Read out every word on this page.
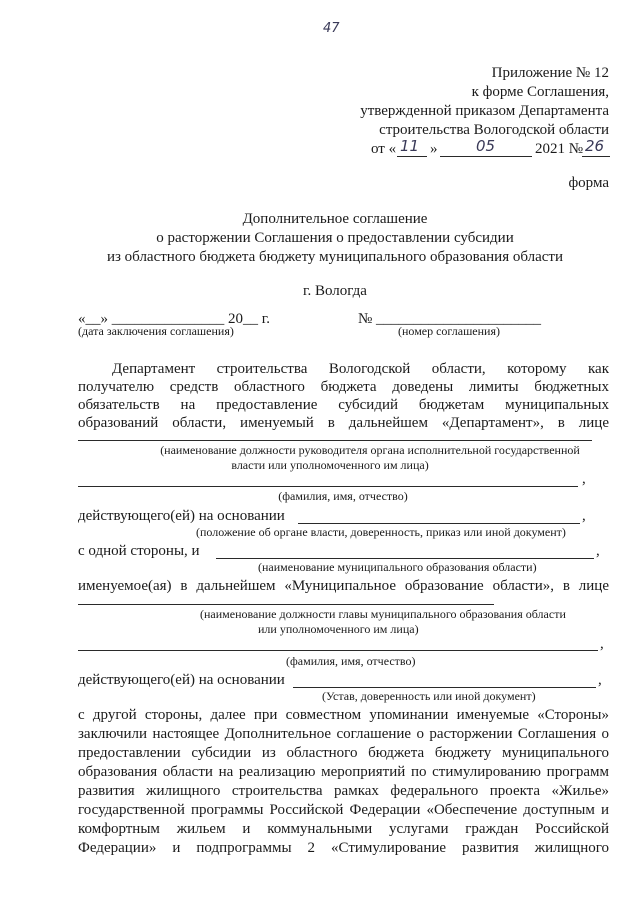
47
Приложение № 12
к форме Соглашения,
утвержденной приказом Департамента
строительства Вологодской области
от « 11 »	05	2021 № 26
форма
Дополнительное соглашение
о расторжении Соглашения о предоставлении субсидии
из областного бюджета бюджету муниципального образования области
г. Вологда
«__» _______________ 20__ г.	№ ______________________
(дата заключения соглашения)	(номер соглашения)
Департамент строительства Вологодской области, которому как
получателю средств областного бюджета доведены лимиты бюджетных
обязательств на предоставление субсидий бюджетам муниципальных
образований области, именуемый в дальнейшем «Департамент», в лице
(наименование должности руководителя органа исполнительной государственной
власти или уполномоченного им лица)
,
(фамилия, имя, отчество)
действующего(ей) на основании	,
(положение об органе власти, доверенность, приказ или иной документ)
с одной стороны, и	,
(наименование муниципального образования области)
именуемое(ая) в дальнейшем «Муниципальное образование области», в лице
(наименование должности главы муниципального образования области
или уполномоченного им лица)
,
(фамилия, имя, отчество)
действующего(ей) на основании	,
(Устав, доверенность или иной документ)
с другой стороны, далее при совместном упоминании именуемые «Стороны»
заключили настоящее Дополнительное соглашение о расторжении Соглашения о
предоставлении субсидии из областного бюджета бюджету муниципального
образования области на реализацию мероприятий по стимулированию программ
развития жилищного строительства рамках федерального проекта «Жилье»
государственной программы Российской Федерации «Обеспечение доступным и
комфортным жильем и коммунальными услугами граждан Российской
Федерации» и подпрограммы 2 «Стимулирование развития жилищного
